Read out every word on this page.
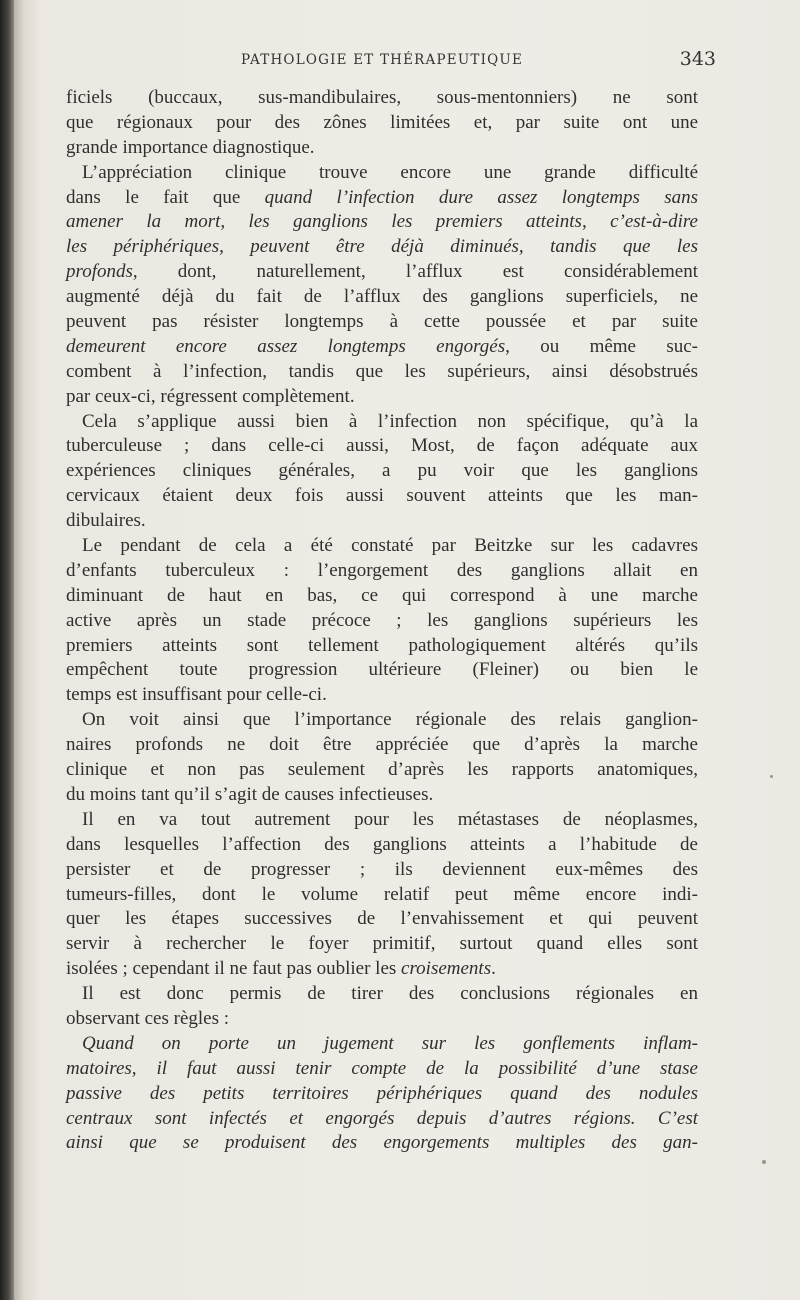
PATHOLOGIE ET THÉRAPEUTIQUE	343
ficiels (buccaux, sus-mandibulaires, sous-mentonniers) ne sont
que régionaux pour des zônes limitées et, par suite ont une
grande importance diagnostique.
L’appréciation clinique trouve encore une grande difficulté
dans le fait que quand l’infection dure assez longtemps sans
amener la mort, les ganglions les premiers atteints, c’est-à-dire
les périphériques, peuvent être déjà diminués, tandis que les
profonds, dont, naturellement, l’afflux est considérablement
augmenté déjà du fait de l’afflux des ganglions superficiels, ne
peuvent pas résister longtemps à cette poussée et par suite
demeurent encore assez longtemps engorgés, ou même suc-
combent à l’infection, tandis que les supérieurs, ainsi désobstrués
par ceux-ci, régressent complètement.
Cela s’applique aussi bien à l’infection non spécifique, qu’à la
tuberculeuse ; dans celle-ci aussi, Most, de façon adéquate aux
expériences cliniques générales, a pu voir que les ganglions
cervicaux étaient deux fois aussi souvent atteints que les man-
dibulaires.
Le pendant de cela a été constaté par Beitzke sur les cadavres
d’enfants tuberculeux : l’engorgement des ganglions allait en
diminuant de haut en bas, ce qui correspond à une marche
active après un stade précoce ; les ganglions supérieurs les
premiers atteints sont tellement pathologiquement altérés qu’ils
empêchent toute progression ultérieure (Fleiner) ou bien le
temps est insuffisant pour celle-ci.
On voit ainsi que l’importance régionale des relais ganglion-
naires profonds ne doit être appréciée que d’après la marche
clinique et non pas seulement d’après les rapports anatomiques,
du moins tant qu’il s’agit de causes infectieuses.
Il en va tout autrement pour les métastases de néoplasmes,
dans lesquelles l’affection des ganglions atteints a l’habitude de
persister et de progresser ; ils deviennent eux-mêmes des
tumeurs-filles, dont le volume relatif peut même encore indi-
quer les étapes successives de l’envahissement et qui peuvent
servir à rechercher le foyer primitif, surtout quand elles sont
isolées ; cependant il ne faut pas oublier les croisements.
Il est donc permis de tirer des conclusions régionales en
observant ces règles :
Quand on porte un jugement sur les gonflements inflam-
matoires, il faut aussi tenir compte de la possibilité d’une stase
passive des petits territoires périphériques quand des nodules
centraux sont infectés et engorgés depuis d’autres régions. C’est
ainsi que se produisent des engorgements multiples des gan-
